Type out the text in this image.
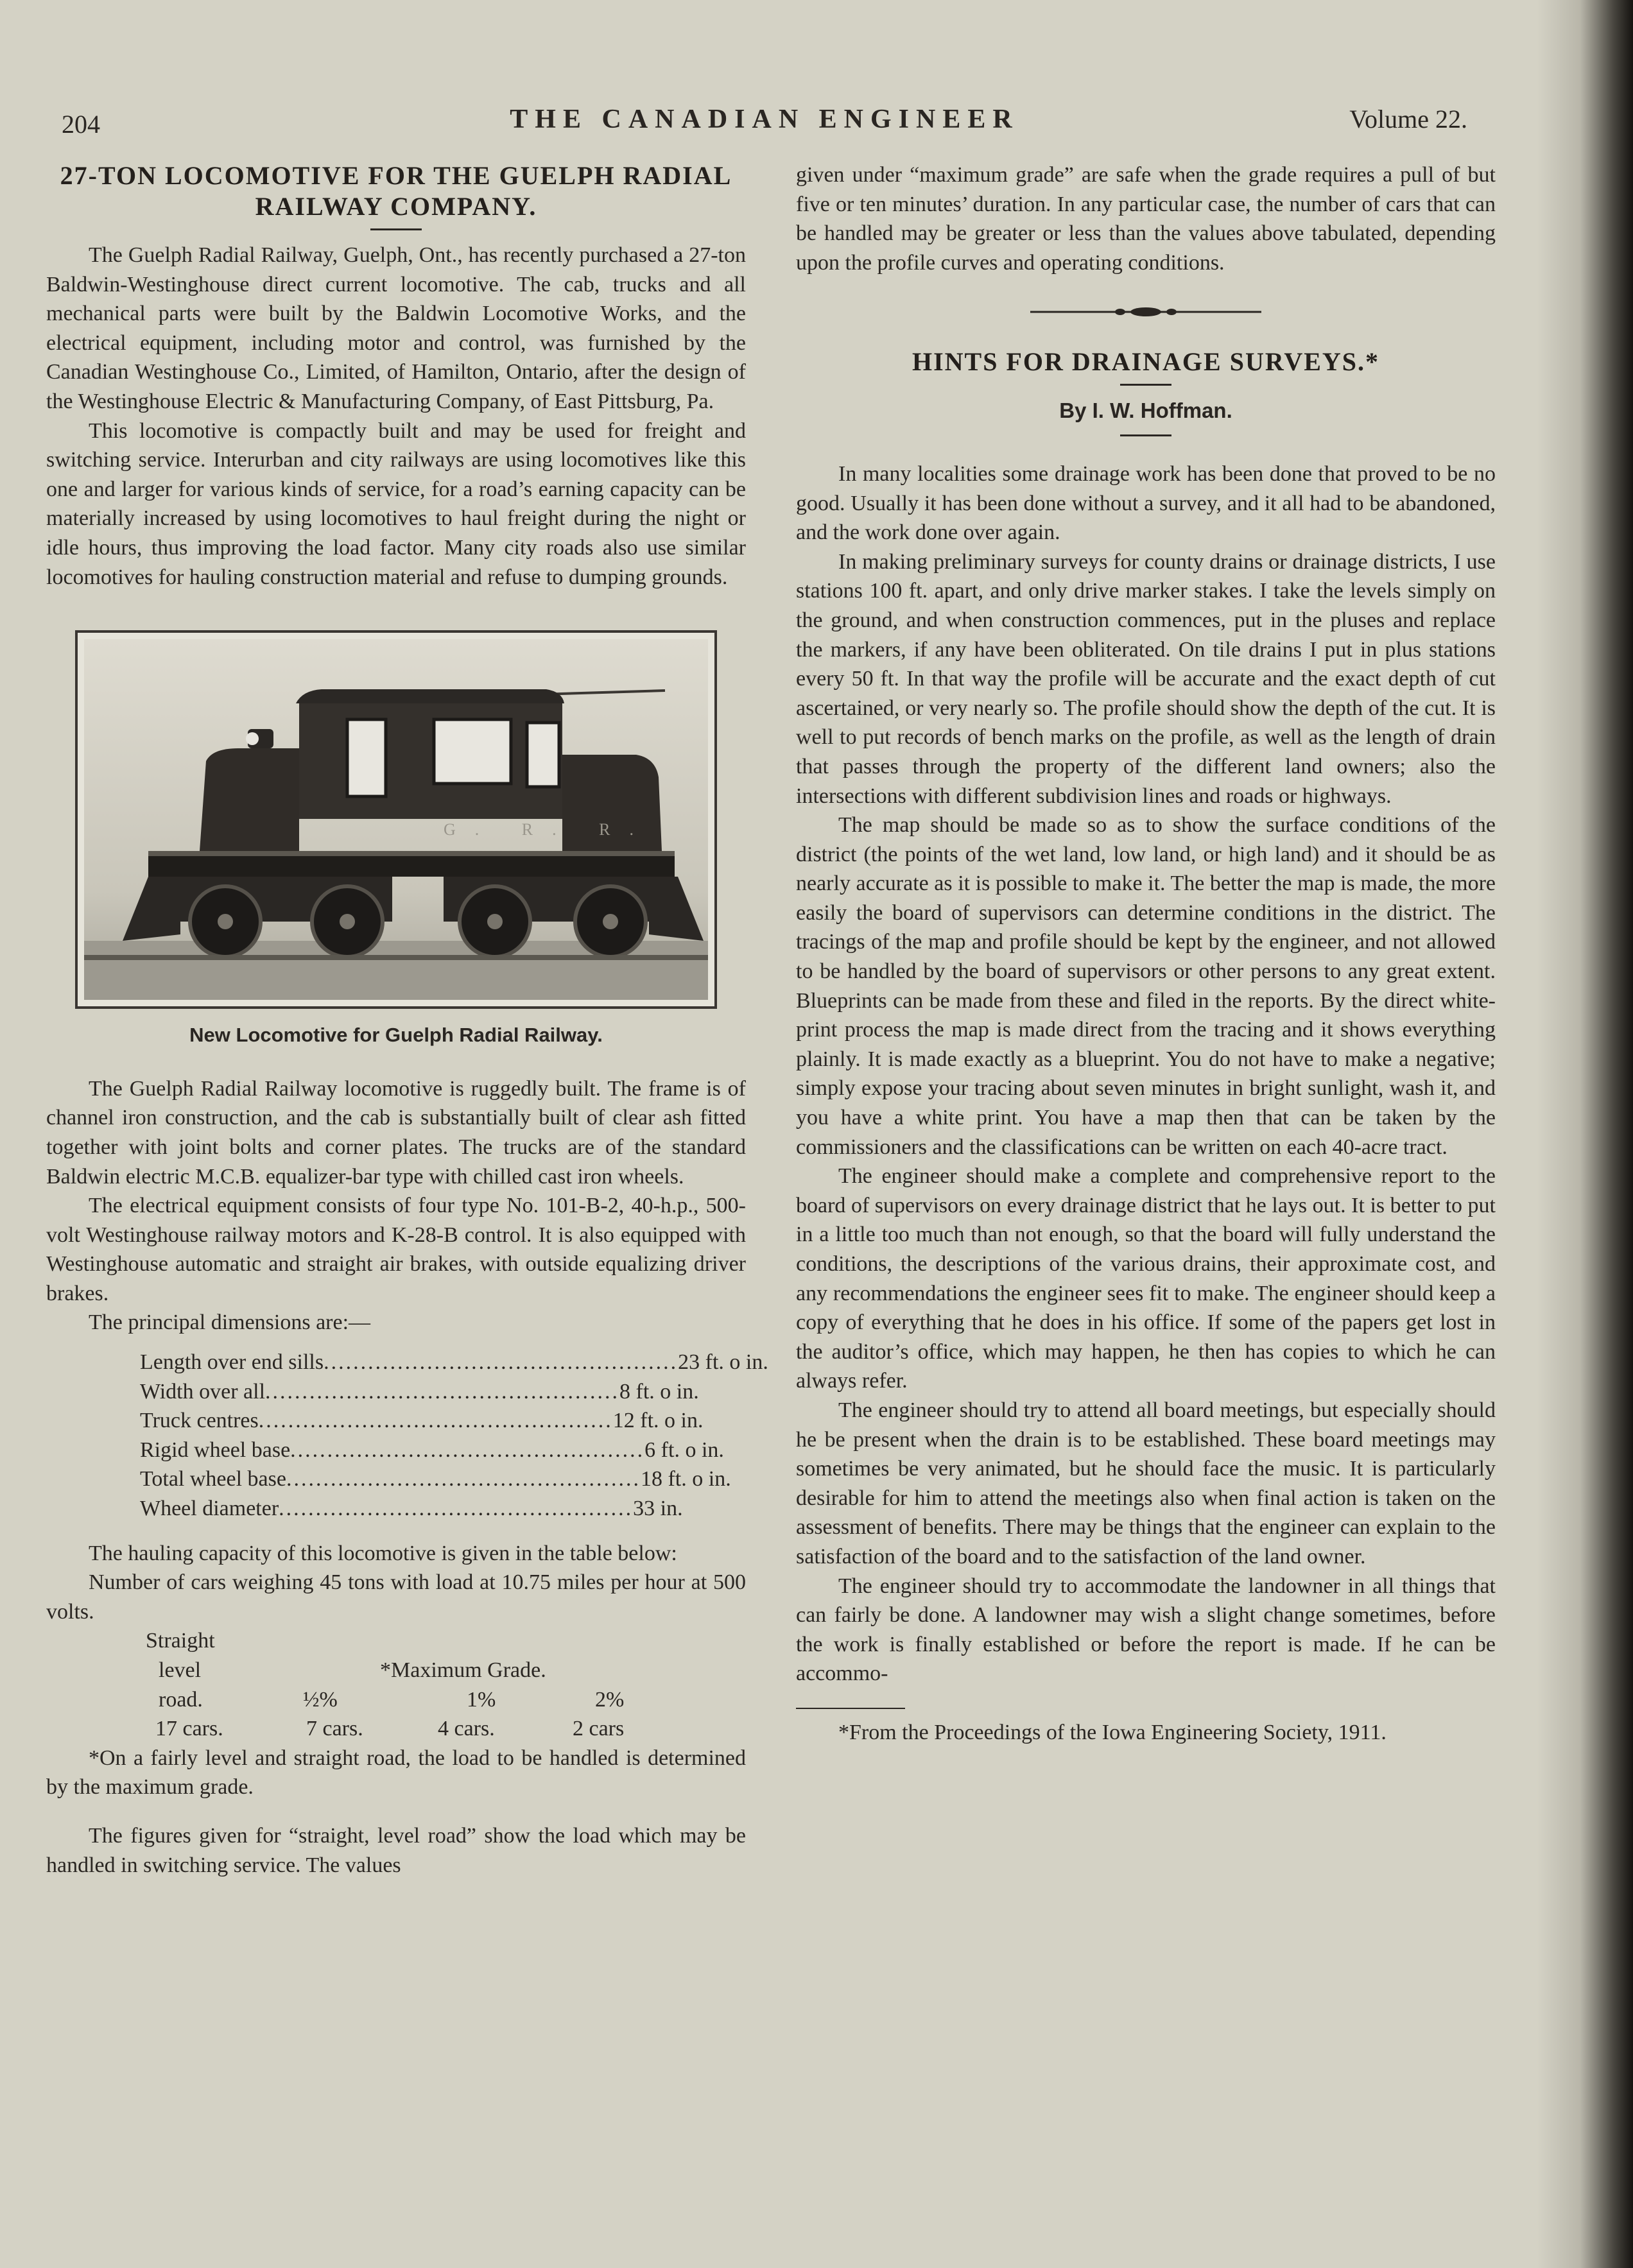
204	THE CANADIAN ENGINEER	Volume 22.
27-TON LOCOMOTIVE FOR THE GUELPH RADIAL RAILWAY COMPANY.

The Guelph Radial Railway, Guelph, Ont., has recently purchased a 27-ton Baldwin-Westinghouse direct current locomotive. The cab, trucks and all mechanical parts were built by the Baldwin Locomotive Works, and the electrical equipment, including motor and control, was furnished by the Canadian Westinghouse Co., Limited, of Hamilton, Ontario, after the design of the Westinghouse Electric & Manufacturing Company, of East Pittsburg, Pa.

This locomotive is compactly built and may be used for freight and switching service. Interurban and city railways are using locomotives like this one and larger for various kinds of service, for a road’s earning capacity can be materially increased by using locomotives to haul freight during the night or idle hours, thus improving the load factor. Many city roads also use similar locomotives for hauling construction material and refuse to dumping grounds.

G. R. R.
New Locomotive for Guelph Radial Railway.

The Guelph Radial Railway locomotive is ruggedly built. The frame is of channel iron construction, and the cab is substantially built of clear ash fitted together with joint bolts and corner plates. The trucks are of the standard Baldwin electric M.C.B. equalizer-bar type with chilled cast iron wheels.

The electrical equipment consists of four type No. 101-B-2, 40-h.p., 500-volt Westinghouse railway motors and K-28-B control. It is also equipped with Westinghouse automatic and straight air brakes, with outside equalizing driver brakes.

The principal dimensions are:—

Length over end sills ................................................ 23 ft. o in.
Width over all ................................................ 8 ft. o in.
Truck centres ................................................ 12 ft. o in.
Rigid wheel base ................................................ 6 ft. o in.
Total wheel base ................................................ 18 ft. o in.
Wheel diameter ................................................ 33 in.

The hauling capacity of this locomotive is given in the table below:

Number of cars weighing 45 tons with load at 10.75 miles per hour at 500 volts.

Straight
level	*Maximum Grade.
road.	½%	1%	2%
17 cars.	7 cars.	4 cars.	2 cars

*On a fairly level and straight road, the load to be handled is determined by the maximum grade.

The figures given for “straight, level road” show the load which may be handled in switching service. The values

given under “maximum grade” are safe when the grade requires a pull of but five or ten minutes’ duration. In any particular case, the number of cars that can be handled may be greater or less than the values above tabulated, depending upon the profile curves and operating conditions.

HINTS FOR DRAINAGE SURVEYS.*
By I. W. Hoffman.

In many localities some drainage work has been done that proved to be no good. Usually it has been done without a survey, and it all had to be abandoned, and the work done over again.

In making preliminary surveys for county drains or drainage districts, I use stations 100 ft. apart, and only drive marker stakes. I take the levels simply on the ground, and when construction commences, put in the pluses and replace the markers, if any have been obliterated. On tile drains I put in plus stations every 50 ft. In that way the profile will be accurate and the exact depth of cut ascertained, or very nearly so. The profile should show the depth of the cut. It is well to put records of bench marks on the profile, as well as the length of drain that passes through the property of the different land owners; also the intersections with different subdivision lines and roads or highways.

The map should be made so as to show the surface conditions of the district (the points of the wet land, low land, or high land) and it should be as nearly accurate as it is possible to make it. The better the map is made, the more easily the board of supervisors can determine conditions in the district. The tracings of the map and profile should be kept by the engineer, and not allowed to be handled by the board of supervisors or other persons to any great extent. Blueprints can be made from these and filed in the reports. By the direct white-print process the map is made direct from the tracing and it shows everything plainly. It is made exactly as a blueprint. You do not have to make a negative; simply expose your tracing about seven minutes in bright sunlight, wash it, and you have a white print. You have a map then that can be taken by the commissioners and the classifications can be written on each 40-acre tract.

The engineer should make a complete and comprehensive report to the board of supervisors on every drainage district that he lays out. It is better to put in a little too much than not enough, so that the board will fully understand the conditions, the descriptions of the various drains, their approximate cost, and any recommendations the engineer sees fit to make. The engineer should keep a copy of everything that he does in his office. If some of the papers get lost in the auditor’s office, which may happen, he then has copies to which he can always refer.

The engineer should try to attend all board meetings, but especially should he be present when the drain is to be established. These board meetings may sometimes be very animated, but he should face the music. It is particularly desirable for him to attend the meetings also when final action is taken on the assessment of benefits. There may be things that the engineer can explain to the satisfaction of the board and to the satisfaction of the land owner.

The engineer should try to accommodate the landowner in all things that can fairly be done. A landowner may wish a slight change sometimes, before the work is finally established or before the report is made. If he can be accommo-

*From the Proceedings of the Iowa Engineering Society, 1911.
